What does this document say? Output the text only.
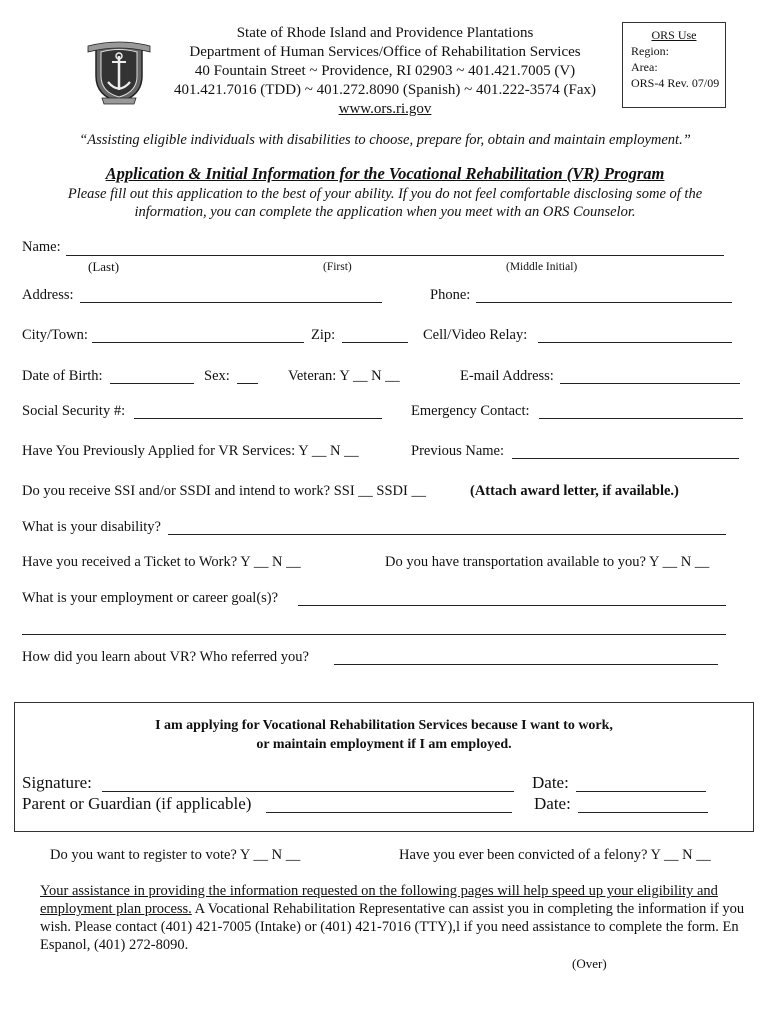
State of Rhode Island and Providence Plantations
Department of Human Services/Office of Rehabilitation Services
40 Fountain Street ~ Providence, RI 02903 ~ 401.421.7005 (V)
401.421.7016 (TDD) ~ 401.272.8090 (Spanish) ~ 401.222-3574 (Fax)
www.ors.ri.gov
ORS Use
Region:
Area:
ORS-4 Rev. 07/09
“Assisting eligible individuals with disabilities to choose, prepare for, obtain and maintain employment.”
Application & Initial Information for the Vocational Rehabilitation (VR) Program
Please fill out this application to the best of your ability. If you do not feel comfortable disclosing some of the
information, you can complete the application when you meet with an ORS Counselor.
Name:
(Last)	(First)	(Middle Initial)
Address:	Phone:
City/Town:	Zip:	Cell/Video Relay:
Date of Birth:	Sex:	Veteran: Y __ N __	E-mail Address:
Social Security #:	Emergency Contact:
Have You Previously Applied for VR Services: Y __ N __	Previous Name:
Do you receive SSI and/or SSDI and intend to work? SSI __ SSDI __	(Attach award letter, if available.)
What is your disability?
Have you received a Ticket to Work? Y __ N __	Do you have transportation available to you? Y __ N __
What is your employment or career goal(s)?
How did you learn about VR? Who referred you?
I am applying for Vocational Rehabilitation Services because I want to work,
or maintain employment if I am employed.
Signature:	Date:
Parent or Guardian (if applicable)	Date:
Do you want to register to vote? Y __ N __	Have you ever been convicted of a felony? Y __ N __
Your assistance in providing the information requested on the following pages will help speed up your eligibility and employment plan process. A Vocational Rehabilitation Representative can assist you in completing the information if you wish. Please contact (401) 421-7005 (Intake) or (401) 421-7016 (TTY),l if you need assistance to complete the form. En Espanol, (401) 272-8090.
(Over)
